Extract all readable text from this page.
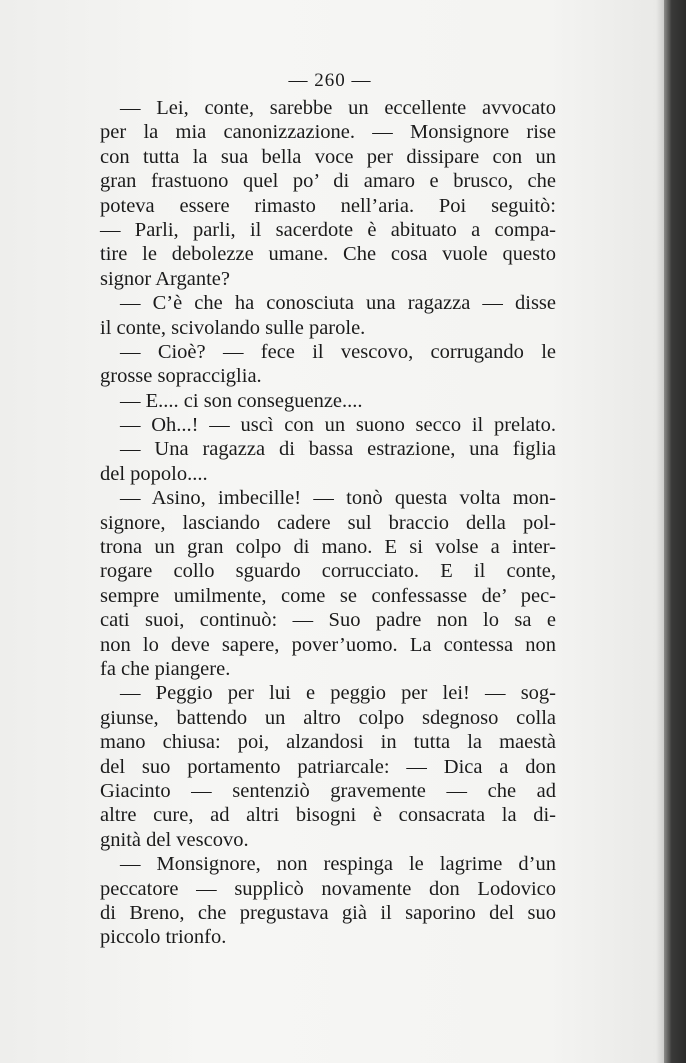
— 260 —
— Lei, conte, sarebbe un eccellente avvocato
per la mia canonizzazione. — Monsignore rise
con tutta la sua bella voce per dissipare con un
gran frastuono quel po’ di amaro e brusco, che
poteva essere rimasto nell’aria. Poi seguitò:
— Parli, parli, il sacerdote è abituato a compa-
tire le debolezze umane. Che cosa vuole questo
signor Argante?
— C’è che ha conosciuta una ragazza — disse
il conte, scivolando sulle parole.
— Cioè? — fece il vescovo, corrugando le
grosse sopracciglia.
— E.... ci son conseguenze....
— Oh...! — uscì con un suono secco il prelato.
— Una ragazza di bassa estrazione, una figlia
del popolo....
— Asino, imbecille! — tonò questa volta mon-
signore, lasciando cadere sul braccio della pol-
trona un gran colpo di mano. E si volse a inter-
rogare collo sguardo corrucciato. E il conte,
sempre umilmente, come se confessasse de’ pec-
cati suoi, continuò: — Suo padre non lo sa e
non lo deve sapere, pover’uomo. La contessa non
fa che piangere.
— Peggio per lui e peggio per lei! — sog-
giunse, battendo un altro colpo sdegnoso colla
mano chiusa: poi, alzandosi in tutta la maestà
del suo portamento patriarcale: — Dica a don
Giacinto — sentenziò gravemente — che ad
altre cure, ad altri bisogni è consacrata la di-
gnità del vescovo.
— Monsignore, non respinga le lagrime d’un
peccatore — supplicò novamente don Lodovico
di Breno, che pregustava già il saporino del suo
piccolo trionfo.
